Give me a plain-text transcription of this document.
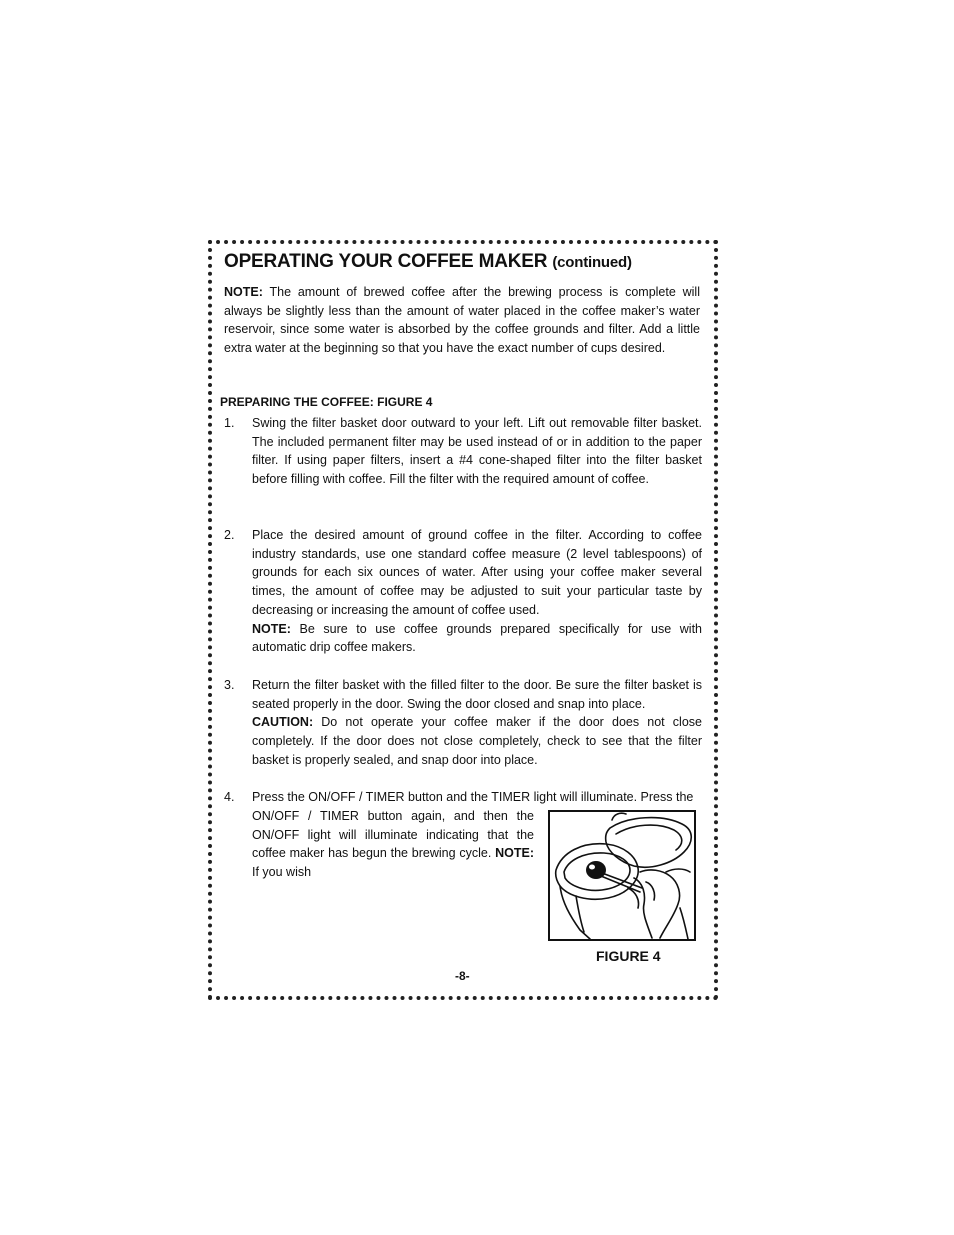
OPERATING YOUR COFFEE MAKER (continued)

NOTE: The amount of brewed coffee after the brewing process is complete will always be slightly less than the amount of water placed in the coffee maker’s water reservoir, since some water is absorbed by the coffee grounds and filter. Add a little extra water at the beginning so that you have the exact number of cups desired.

PREPARING THE COFFEE: FIGURE 4

1. Swing the filter basket door outward to your left. Lift out removable filter basket. The included permanent filter may be used instead of or in addition to the paper filter. If using paper filters, insert a #4 cone-shaped filter into the filter basket before filling with coffee. Fill the filter with the required amount of coffee.

2. Place the desired amount of ground coffee in the filter. According to coffee industry standards, use one standard coffee measure (2 level tablespoons) of grounds for each six ounces of water. After using your coffee maker several times, the amount of coffee may be adjusted to suit your particular taste by decreasing or increasing the amount of coffee used.
NOTE: Be sure to use coffee grounds prepared specifically for use with automatic drip coffee makers.
3. Return the filter basket with the filled filter to the door. Be sure the filter basket is seated properly in the door. Swing the door closed and snap into place.
CAUTION: Do not operate your coffee maker if the door does not close completely. If the door does not close completely, check to see that the filter basket is properly sealed, and snap door into place.
4. Press the ON/OFF / TIMER button and the TIMER light will illuminate. Press the

ON/OFF / TIMER button again, and then the ON/OFF light will illuminate indicating that the coffee maker has begun the brewing cycle. NOTE: If you wish

FIGURE 4

-8-
